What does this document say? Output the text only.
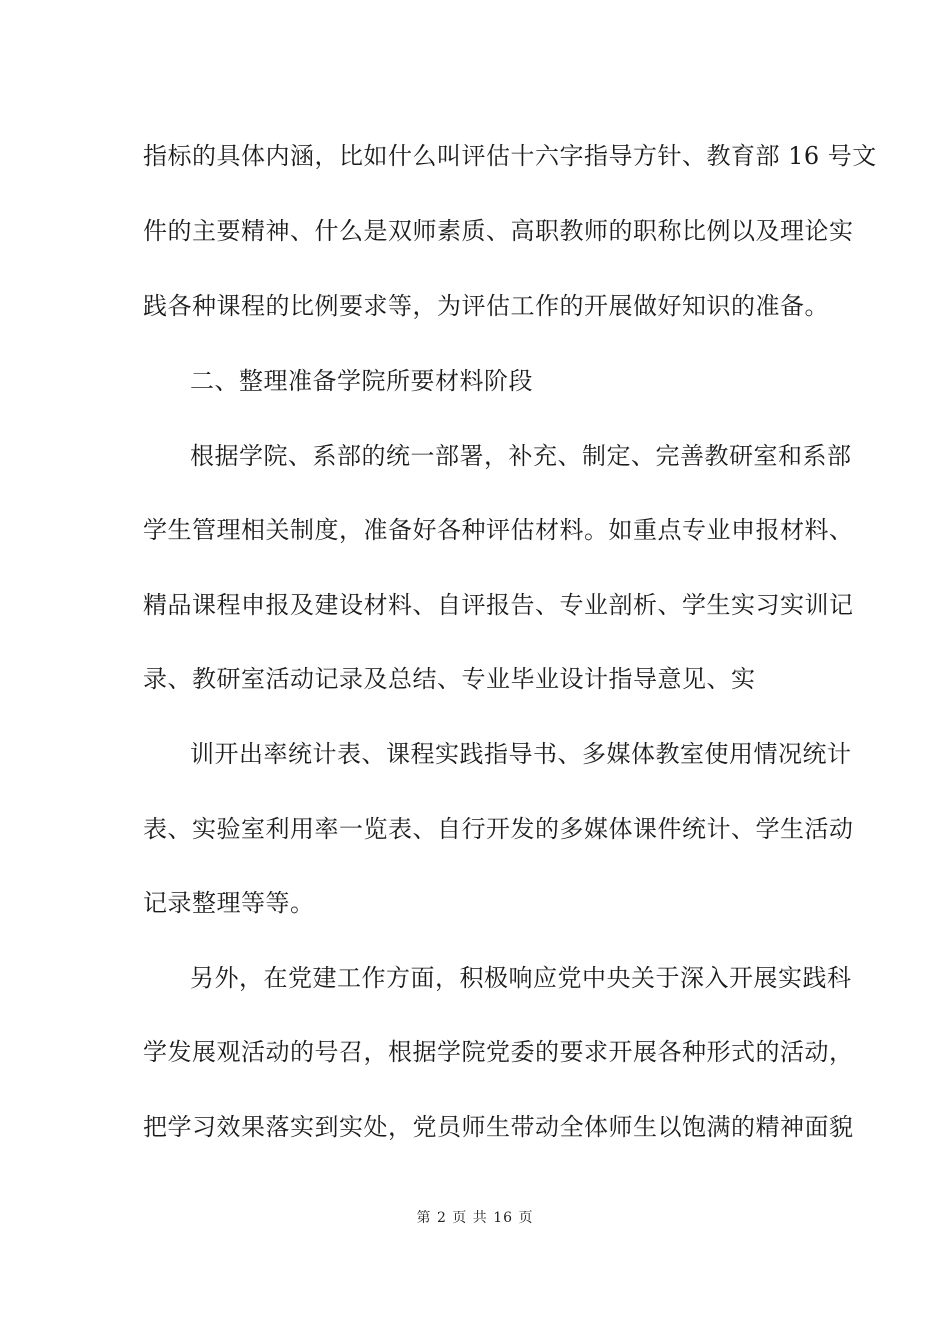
指标的具体内涵，比如什么叫评估十六字指导方针、教育部 16 号文
件的主要精神、什么是双师素质、高职教师的职称比例以及理论实
践各种课程的比例要求等，为评估工作的开展做好知识的准备。
二、整理准备学院所要材料阶段
根据学院、系部的统一部署，补充、制定、完善教研室和系部
学生管理相关制度，准备好各种评估材料。如重点专业申报材料、
精品课程申报及建设材料、自评报告、专业剖析、学生实习实训记
录、教研室活动记录及总结、专业毕业设计指导意见、实
训开出率统计表、课程实践指导书、多媒体教室使用情况统计
表、实验室利用率一览表、自行开发的多媒体课件统计、学生活动
记录整理等等。
另外，在党建工作方面，积极响应党中央关于深入开展实践科
学发展观活动的号召，根据学院党委的要求开展各种形式的活动，
把学习效果落实到实处，党员师生带动全体师生以饱满的精神面貌
第 2 页 共 16 页
